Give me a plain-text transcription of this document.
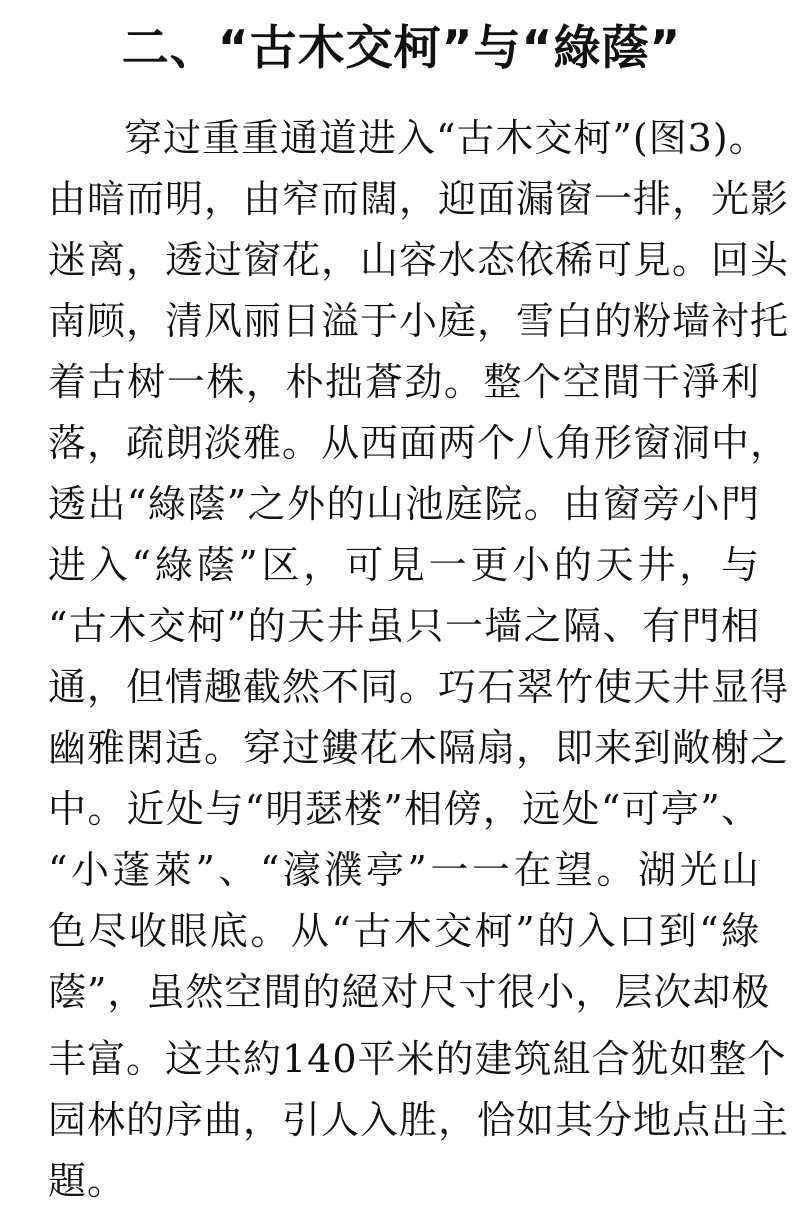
二、“古木交柯”与“綠蔭”
穿过重重通道进入“古木交柯”(图3)。
由暗而明，由窄而闊，迎面漏窗一排，光影
迷离，透过窗花，山容水态依稀可見。回头
南顾，清风丽日溢于小庭，雪白的粉墙衬托
着古树一株，朴拙蒼劲。整个空間干淨利
落，疏朗淡雅。从西面两个八角形窗洞中，
透出“綠蔭”之外的山池庭院。由窗旁小門
进入“綠蔭”区，可見一更小的天井，与
“古木交柯”的天井虽只一墙之隔、有門相
通，但情趣截然不同。巧石翠竹使天井显得
幽雅閑适。穿过鏤花木隔扇，即来到敞榭之
中。近处与“明瑟楼”相傍，远处“可亭”、
“小蓬萊”、“濠濮亭”一一在望。湖光山
色尽收眼底。从“古木交柯”的入口到“綠
蔭”，虽然空間的絕对尺寸很小，层次却极
丰富。这共約140平米的建筑組合犹如整个
园林的序曲，引人入胜，恰如其分地点出主
題。
